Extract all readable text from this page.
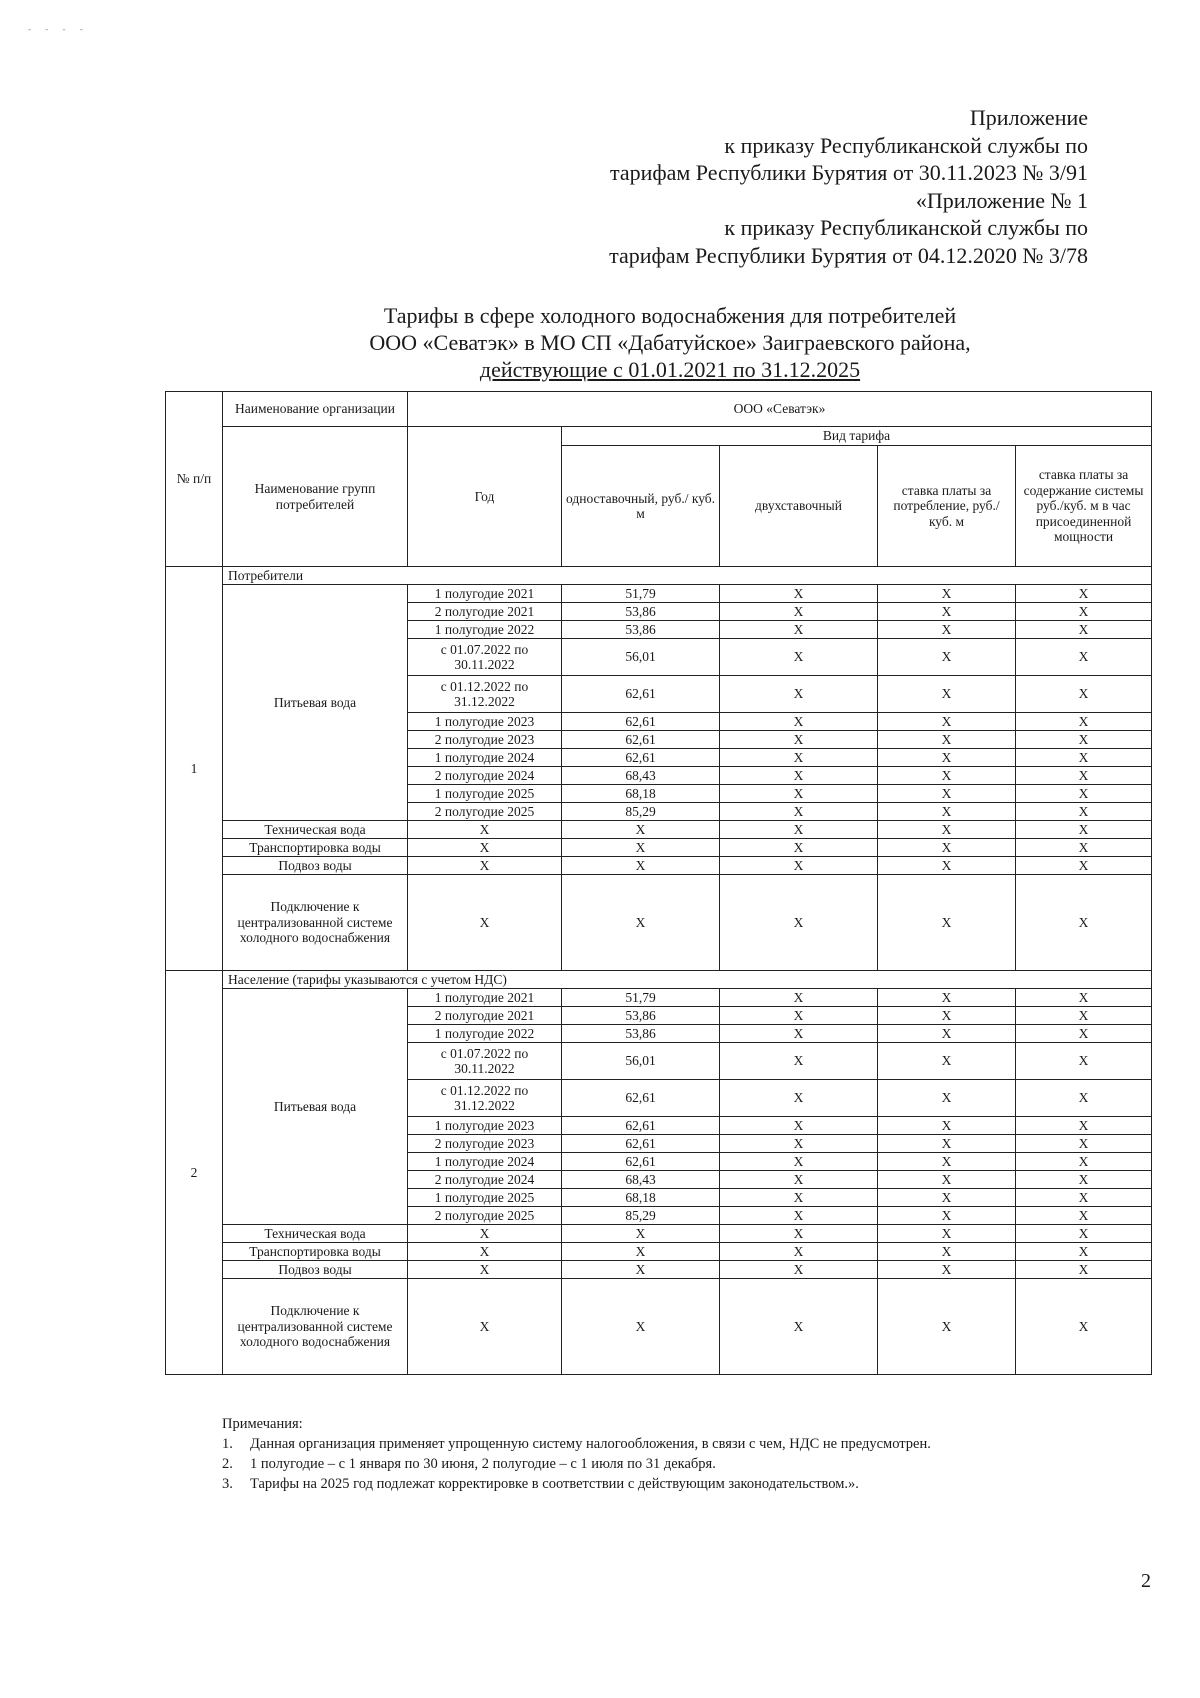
- - - -
Приложение
к приказу Республиканской службы по
тарифам Республики Бурятия от 30.11.2023 № 3/91
«Приложение № 1
к приказу Республиканской службы по
тарифам Республики Бурятия от 04.12.2020 № 3/78
Тарифы в сфере холодного водоснабжения для потребителей
ООО «Севатэк» в МО СП «Дабатуйское» Заиграевского района,
действующие с 01.01.2021 по 31.12.2025
№ п/п	Наименование организации	ООО «Севатэк»				
	Наименование групп потребителей	Год	Вид тарифа			
			одноставочный, руб./ куб. м	двухставочный	ставка платы за потребление, руб./ куб. м	ставка платы за содержание системы руб./куб. м в час присоединенной мощности
1	Потребители					
	Питьевая вода	1 полугодие 2021	51,79	X	X	X
		2 полугодие 2021	53,86	X	X	X
		1 полугодие 2022	53,86	X	X	X
		с 01.07.2022 по 30.11.2022	56,01	X	X	X
		с 01.12.2022 по 31.12.2022	62,61	X	X	X
		1 полугодие 2023	62,61	X	X	X
		2 полугодие 2023	62,61	X	X	X
		1 полугодие 2024	62,61	X	X	X
		2 полугодие 2024	68,43	X	X	X
		1 полугодие 2025	68,18	X	X	X
		2 полугодие 2025	85,29	X	X	X
	Техническая вода	X	X	X	X	X
	Транспортировка воды	X	X	X	X	X
	Подвоз воды	X	X	X	X	X
	Подключение к централизованной системе холодного водоснабжения	X	X	X	X	X
2	Население (тарифы указываются с учетом НДС)					
	Питьевая вода	1 полугодие 2021	51,79	X	X	X
		2 полугодие 2021	53,86	X	X	X
		1 полугодие 2022	53,86	X	X	X
		с 01.07.2022 по 30.11.2022	56,01	X	X	X
		с 01.12.2022 по 31.12.2022	62,61	X	X	X
		1 полугодие 2023	62,61	X	X	X
		2 полугодие 2023	62,61	X	X	X
		1 полугодие 2024	62,61	X	X	X
		2 полугодие 2024	68,43	X	X	X
		1 полугодие 2025	68,18	X	X	X
		2 полугодие 2025	85,29	X	X	X
	Техническая вода	X	X	X	X	X
	Транспортировка воды	X	X	X	X	X
	Подвоз воды	X	X	X	X	X
	Подключение к централизованной системе холодного водоснабжения	X	X	X	X	X
Примечания:
1. Данная организация применяет упрощенную систему налогообложения, в связи с чем, НДС не предусмотрен.
2. 1 полугодие – с 1 января по 30 июня, 2 полугодие – с 1 июля по 31 декабря.
3. Тарифы на 2025 год подлежат корректировке в соответствии с действующим законодательством.».
2
